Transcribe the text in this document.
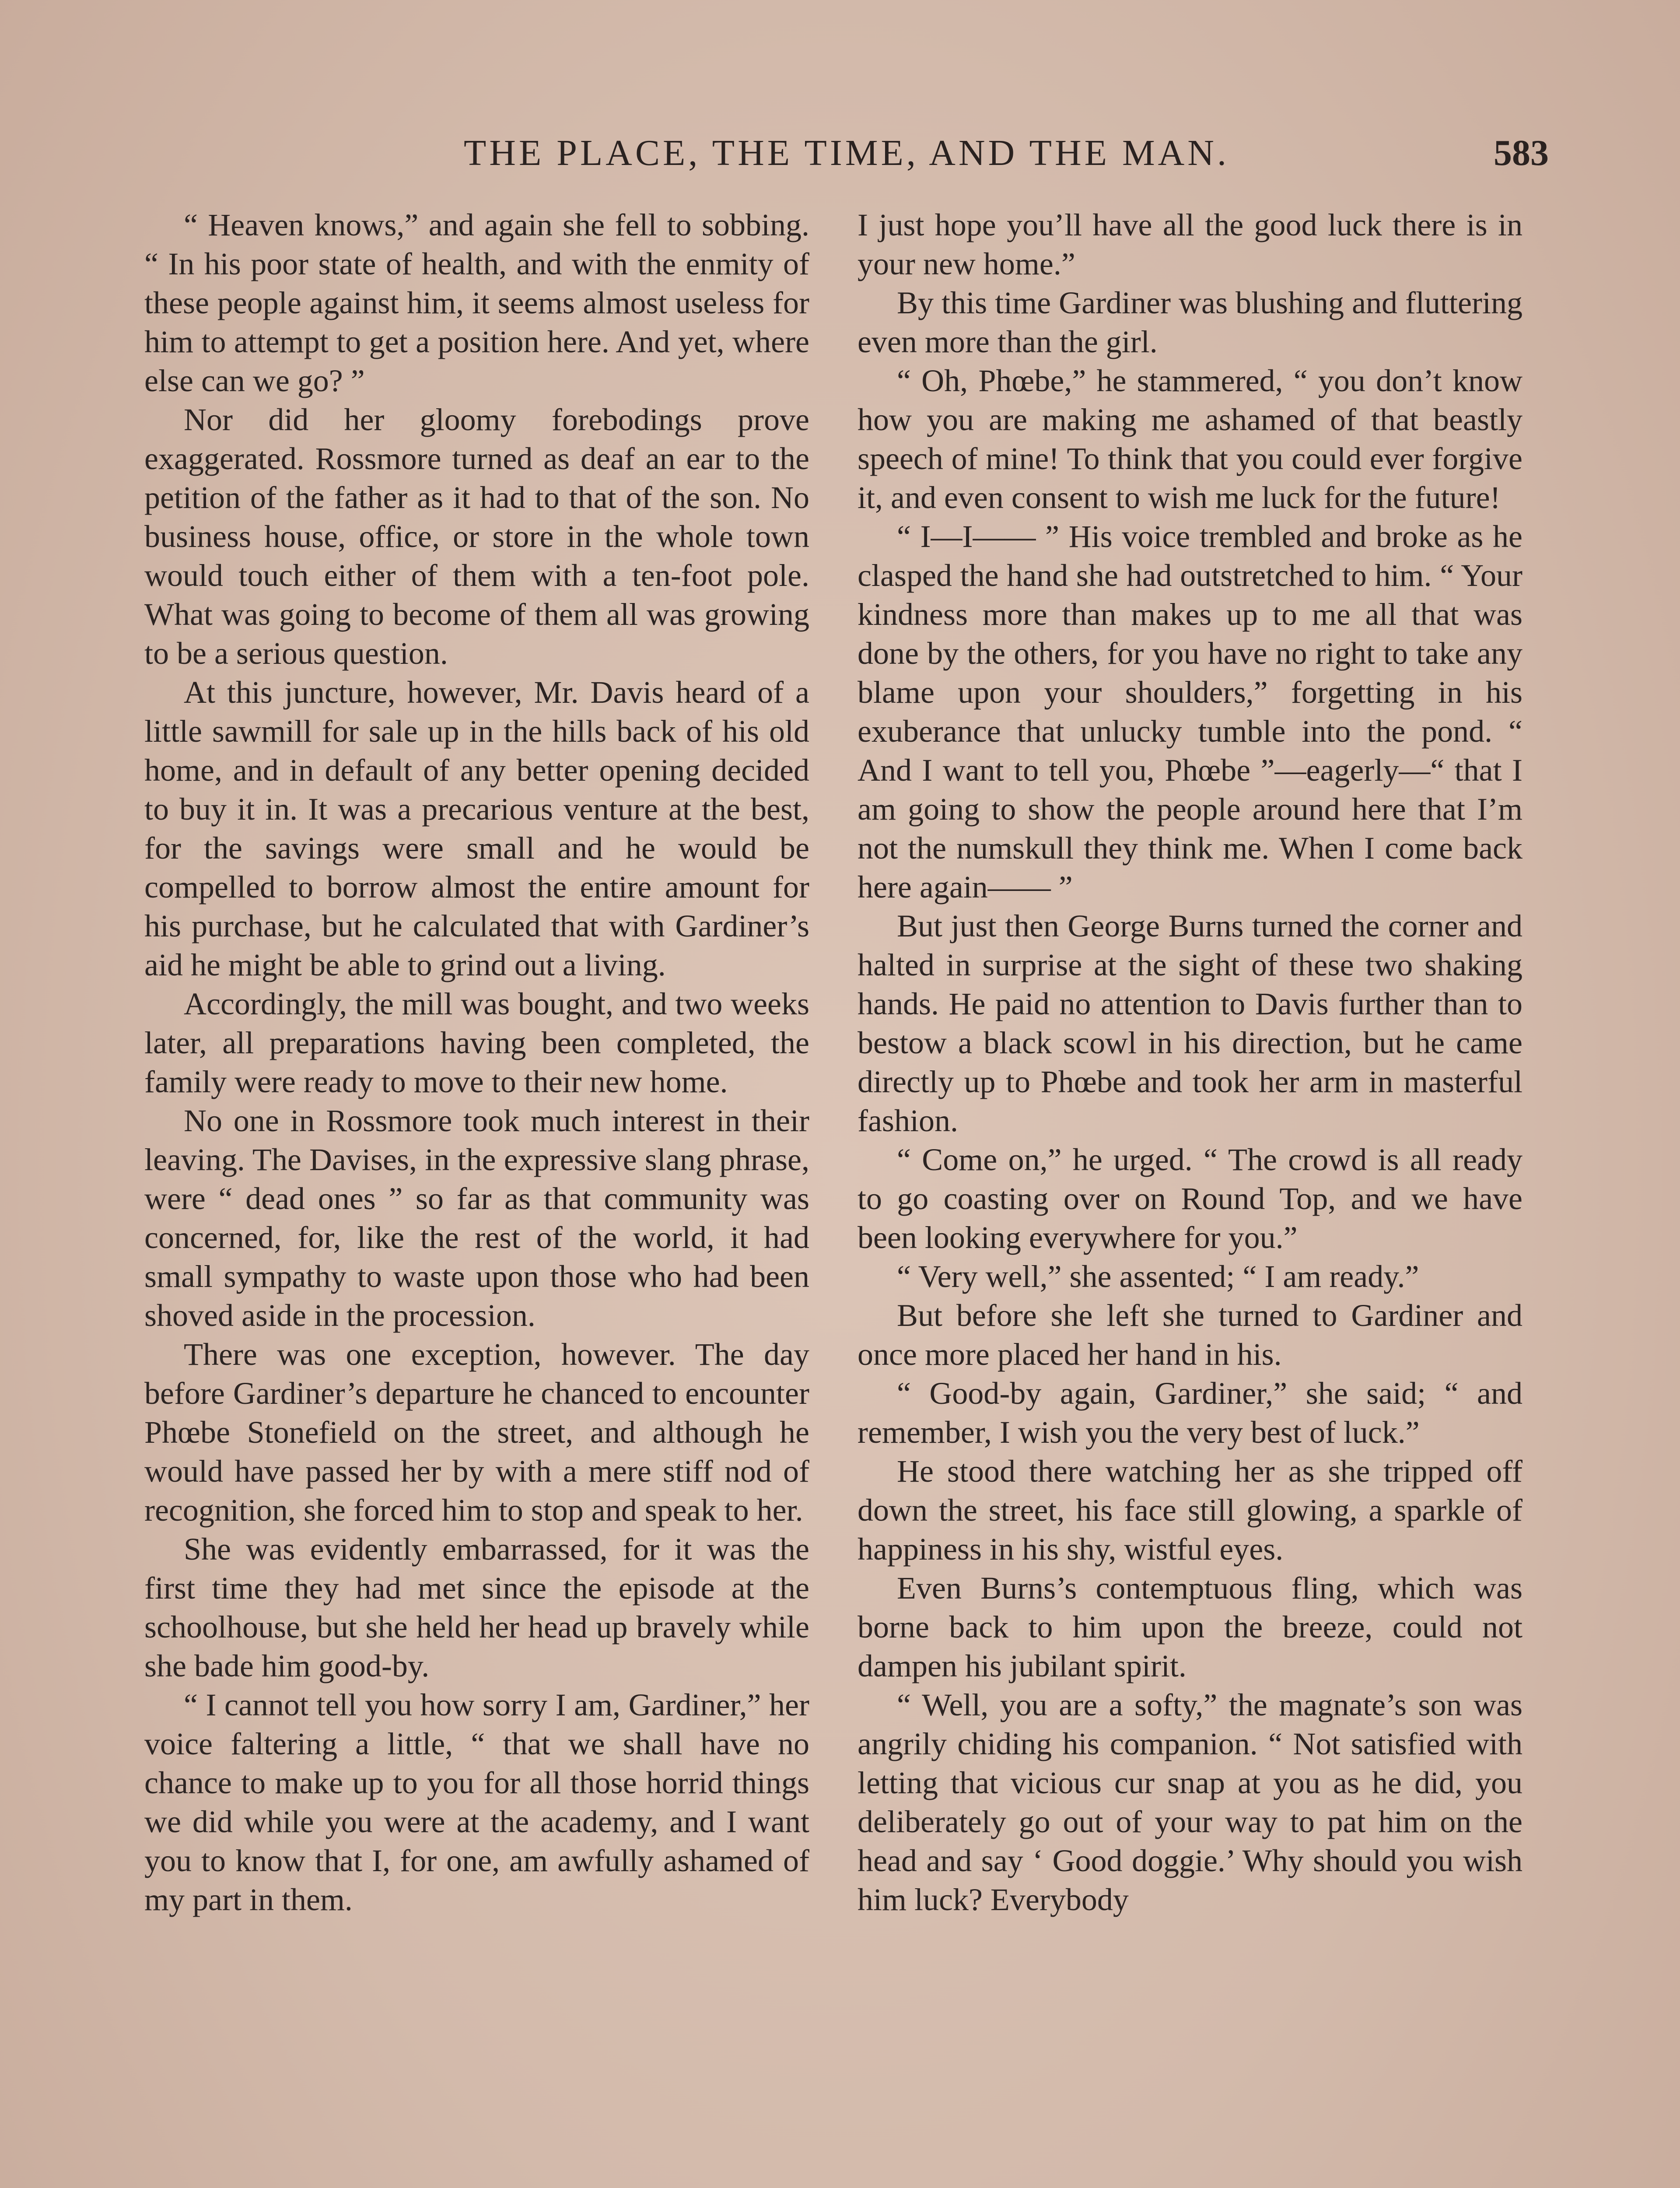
THE PLACE, THE TIME, AND THE MAN.	583

“ Heaven knows,” and again she fell to sobbing. “ In his poor state of health, and with the enmity of these people against him, it seems almost useless for him to attempt to get a position here. And yet, where else can we go? ”

Nor did her gloomy forebodings prove exaggerated. Rossmore turned as deaf an ear to the petition of the father as it had to that of the son. No business house, office, or store in the whole town would touch either of them with a ten-foot pole. What was going to become of them all was growing to be a serious question.

At this juncture, however, Mr. Davis heard of a little sawmill for sale up in the hills back of his old home, and in default of any better opening decided to buy it in. It was a precarious venture at the best, for the savings were small and he would be compelled to borrow almost the entire amount for his purchase, but he calculated that with Gardiner’s aid he might be able to grind out a living.

Accordingly, the mill was bought, and two weeks later, all preparations having been completed, the family were ready to move to their new home.

No one in Rossmore took much interest in their leaving. The Davises, in the expressive slang phrase, were “ dead ones ” so far as that community was concerned, for, like the rest of the world, it had small sympathy to waste upon those who had been shoved aside in the procession.

There was one exception, however. The day before Gardiner’s departure he chanced to encounter Phœbe Stonefield on the street, and although he would have passed her by with a mere stiff nod of recognition, she forced him to stop and speak to her.

She was evidently embarrassed, for it was the first time they had met since the episode at the schoolhouse, but she held her head up bravely while she bade him good-by.

“ I cannot tell you how sorry I am, Gardiner,” her voice faltering a little, “ that we shall have no chance to make up to you for all those horrid things we did while you were at the academy, and I want you to know that I, for one, am awfully ashamed of my part in them.

I just hope you’ll have all the good luck there is in your new home.”

By this time Gardiner was blushing and fluttering even more than the girl.

“ Oh, Phœbe,” he stammered, “ you don’t know how you are making me ashamed of that beastly speech of mine! To think that you could ever forgive it, and even consent to wish me luck for the future!

“ I—I—— ” His voice trembled and broke as he clasped the hand she had outstretched to him. “ Your kindness more than makes up to me all that was done by the others, for you have no right to take any blame upon your shoulders,” forgetting in his exuberance that unlucky tumble into the pond. “ And I want to tell you, Phœbe ”—eagerly—“ that I am going to show the people around here that I’m not the numskull they think me. When I come back here again—— ”

But just then George Burns turned the corner and halted in surprise at the sight of these two shaking hands. He paid no attention to Davis further than to bestow a black scowl in his direction, but he came directly up to Phœbe and took her arm in masterful fashion.

“ Come on,” he urged. “ The crowd is all ready to go coasting over on Round Top, and we have been looking everywhere for you.”

“ Very well,” she assented; “ I am ready.”

But before she left she turned to Gardiner and once more placed her hand in his.

“ Good-by again, Gardiner,” she said; “ and remember, I wish you the very best of luck.”

He stood there watching her as she tripped off down the street, his face still glowing, a sparkle of happiness in his shy, wistful eyes.

Even Burns’s contemptuous fling, which was borne back to him upon the breeze, could not dampen his jubilant spirit.

“ Well, you are a softy,” the magnate’s son was angrily chiding his companion. “ Not satisfied with letting that vicious cur snap at you as he did, you deliberately go out of your way to pat him on the head and say ‘ Good doggie.’ Why should you wish him luck? Everybody
